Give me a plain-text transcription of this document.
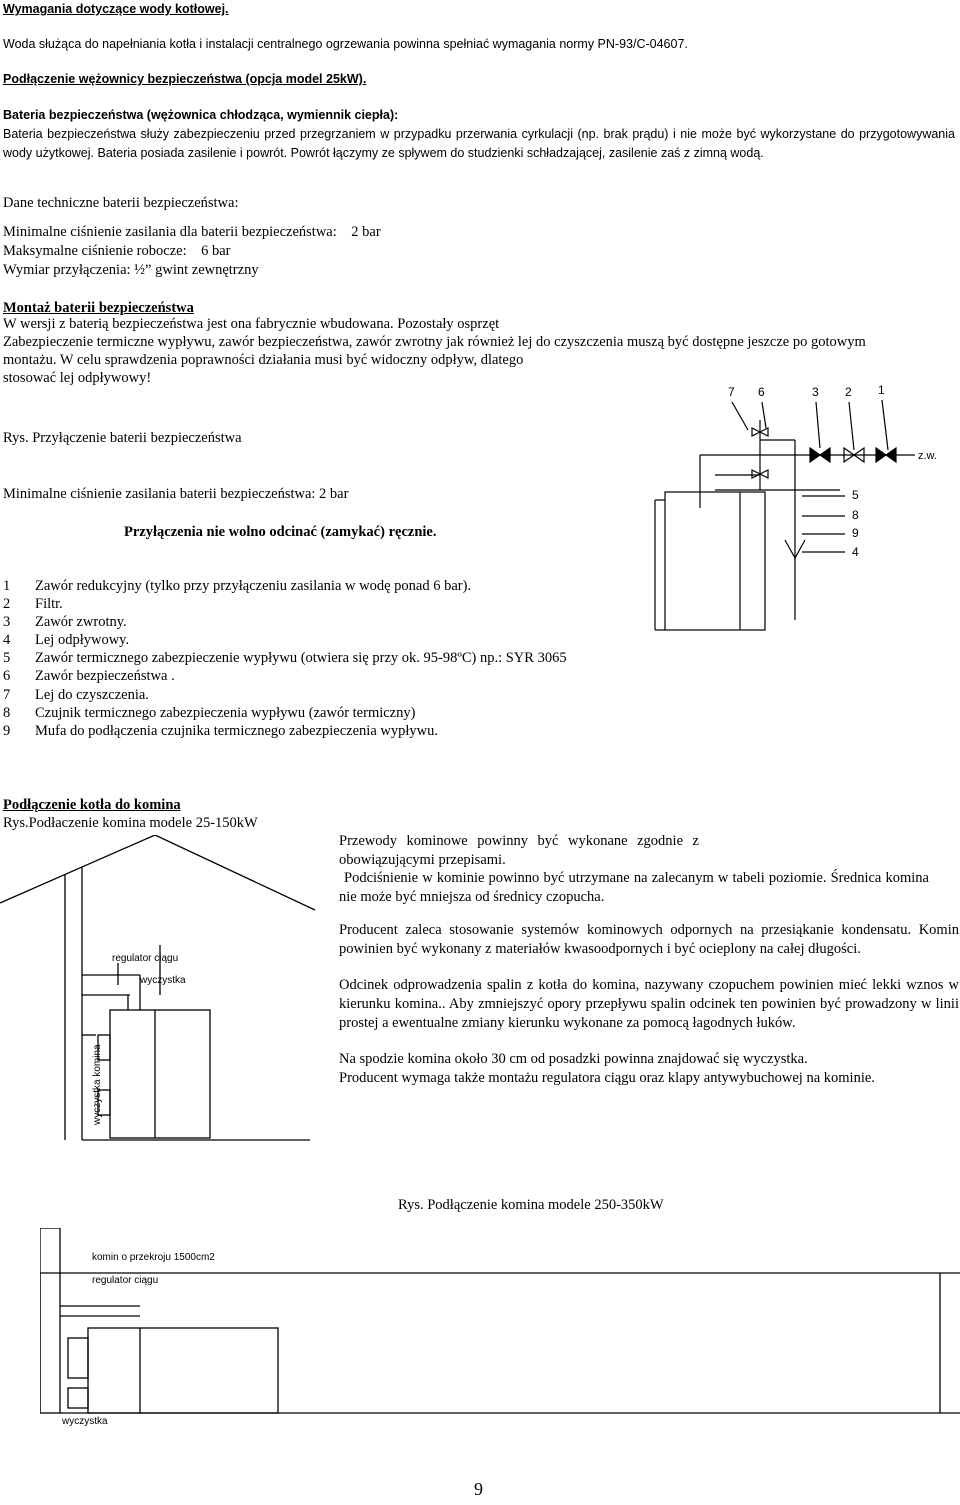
Wymagania dotyczące wody kotłowej.
Woda służąca do napełniania kotła i instalacji centralnego ogrzewania powinna spełniać wymagania normy PN-93/C-04607.
Podłączenie wężownicy bezpieczeństwa (opcja model 25kW).
Bateria bezpieczeństwa (wężownica chłodząca, wymiennik ciepła):
Bateria bezpieczeństwa służy zabezpieczeniu przed przegrzaniem w przypadku przerwania cyrkulacji (np. brak prądu) i nie może być wykorzystane do przygotowywania wody użytkowej. Bateria posiada zasilenie i powrót. Powrót łączymy ze spływem do studzienki schładzającej, zasilenie zaś z zimną wodą.
Dane techniczne baterii bezpieczeństwa:
Minimalne ciśnienie zasilania dla baterii bezpieczeństwa:    2 bar
Maksymalne ciśnienie robocze:    6 bar
Wymiar przyłączenia: ½” gwint zewnętrzny
Montaż baterii bezpieczeństwa
W wersji z baterią bezpieczeństwa jest ona fabrycznie wbudowana. Pozostały osprzęt
Zabezpieczenie termiczne wypływu, zawór bezpieczeństwa, zawór zwrotny jak również lej do czyszczenia muszą być dostępne jeszcze po gotowym
montażu. W celu sprawdzenia poprawności działania musi być widoczny odpływ, dlatego
stosować lej odpływowy!
Rys. Przyłączenie baterii bezpieczeństwa
Minimalne ciśnienie zasilania baterii bezpieczeństwa: 2 bar
Przyłączenia nie wolno odcinać (zamykać) ręcznie.
1	Zawór redukcyjny (tylko przy przyłączeniu zasilania w wodę ponad 6 bar).
2	Filtr.
3	Zawór zwrotny.
4	Lej odpływowy.
5	Zawór termicznego zabezpieczenie wypływu (otwiera się przy ok. 95-98ºC) np.: SYR 3065
6	Zawór bezpieczeństwa .
7	Lej do czyszczenia.
8	Czujnik termicznego zabezpieczenia wypływu (zawór termiczny)
9	Mufa do podłączenia czujnika termicznego zabezpieczenia wypływu.
7 6	3 2 1
5
8
9
4
z.w.
Podłączenie kotła do komina
Rys.Podłaczenie komina modele 25-150kW
Przewody kominowe powinny być wykonane zgodnie z obowiązującymi przepisami.
Podciśnienie w kominie powinno być utrzymane na zalecanym w tabeli poziomie. Średnica komina nie może być mniejsza od średnicy czopucha.
Producent zaleca stosowanie systemów kominowych odpornych na przesiąkanie kondensatu. Komin powinien być wykonany z materiałów kwasoodpornych i być ocieplony na całej długości.
Odcinek odprowadzenia spalin z kotła do komina, nazywany czopuchem powinien mieć lekki wznos w kierunku komina.. Aby zmniejszyć opory przepływu spalin odcinek ten powinien być prowadzony w linii prostej a ewentualne zmiany kierunku wykonane za pomocą łagodnych łuków.
Na spodzie komina około 30 cm od posadzki powinna znajdować się wyczystka.
Producent wymaga także montażu regulatora ciągu oraz klapy antywybuchowej na kominie.
regulator ciągu
wyczystka
wyczystka komina
Rys. Podłączenie komina modele 250-350kW
komin o przekroju 1500cm2
regulator ciągu
wyczystka
9
